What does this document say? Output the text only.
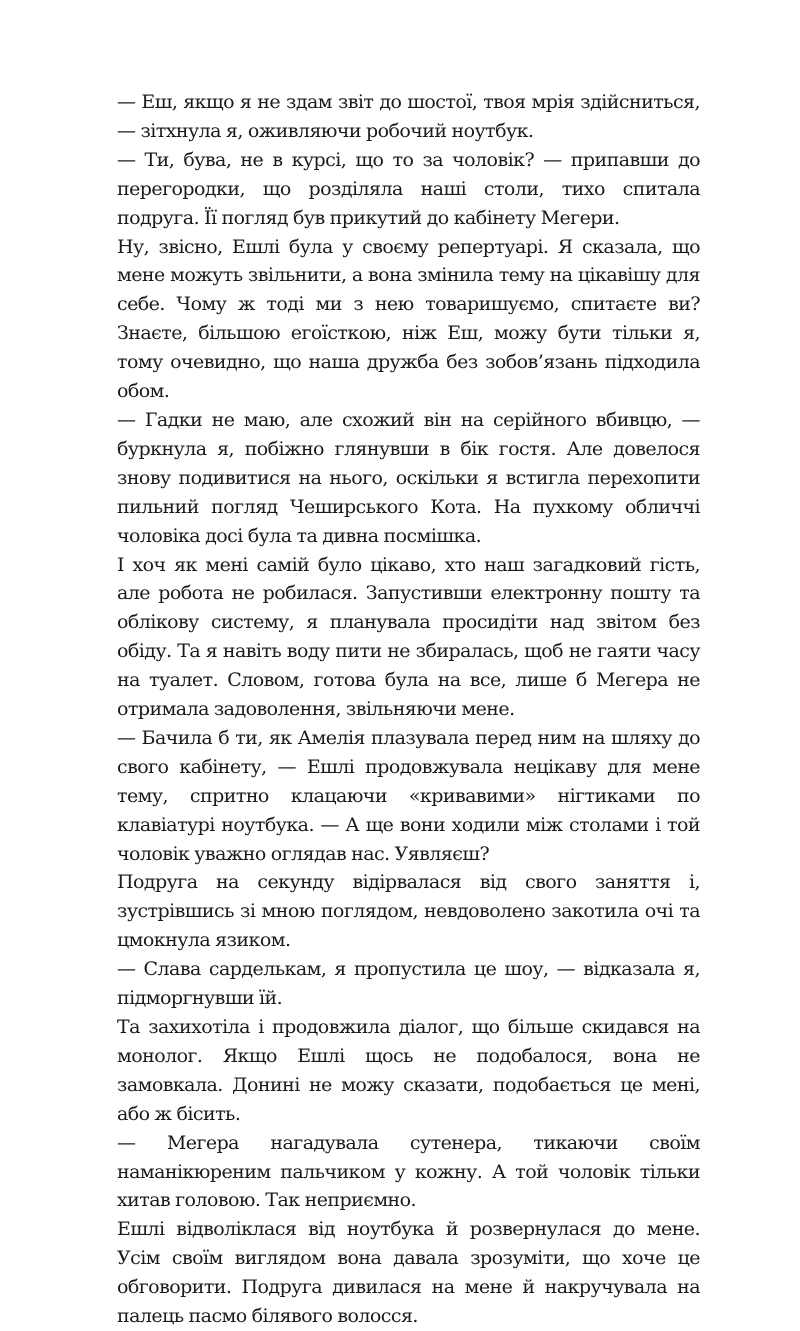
— Еш, якщо я не здам звіт до шостої, твоя мрія здійсниться, — зітхнула я, оживляючи робочий ноутбук.

— Ти, бува, не в курсі, що то за чоловік? — припавши до перегородки, що розділяла наші столи, тихо спитала подруга. Її погляд був прикутий до кабінету Мегери.

Ну, звісно, Ешлі була у своєму репертуарі. Я сказала, що мене можуть звільнити, а вона змінила тему на цікавішу для себе. Чому ж тоді ми з нею товаришуємо, спитаєте ви? Знаєте, більшою егоїсткою, ніж Еш, можу бути тільки я, тому очевидно, що наша дружба без зобов’язань підходила обом.

— Гадки не маю, але схожий він на серійного вбивцю, — буркнула я, побіжно глянувши в бік гостя. Але довелося знову подивитися на нього, оскільки я встигла перехопити пильний погляд Чеширського Кота. На пухкому обличчі чоловіка досі була та дивна посмішка.

І хоч як мені самій було цікаво, хто наш загадковий гість, але робота не робилася. Запустивши електронну пошту та облікову систему, я планувала просидіти над звітом без обіду. Та я навіть воду пити не збиралась, щоб не гаяти часу на туалет. Словом, готова була на все, лише б Мегера не отримала задоволення, звільняючи мене.

— Бачила б ти, як Амелія плазувала перед ним на шляху до свого кабінету, — Ешлі продовжувала нецікаву для мене тему, спритно клацаючи «кривавими» нігтиками по клавіатурі ноутбука. — А ще вони ходили між столами і той чоловік уважно оглядав нас. Уявляєш?

Подруга на секунду відірвалася від свого заняття і, зустрівшись зі мною поглядом, невдоволено закотила очі та цмокнула язиком.

— Слава сарделькам, я пропустила це шоу, — відказала я, підморгнувши їй.

Та захихотіла і продовжила діалог, що більше скидався на монолог. Якщо Ешлі щось не подобалося, вона не замовкала. Донині не можу сказати, подобається це мені, або ж бісить.

— Мегера нагадувала сутенера, тикаючи своїм наманікюреним пальчиком у кожну. А той чоловік тільки хитав головою. Так неприємно.

Ешлі відволіклася від ноутбука й розвернулася до мене. Усім своїм виглядом вона давала зрозуміти, що хоче це обговорити. Подруга дивилася на мене й накручувала на палець пасмо білявого волосся.
